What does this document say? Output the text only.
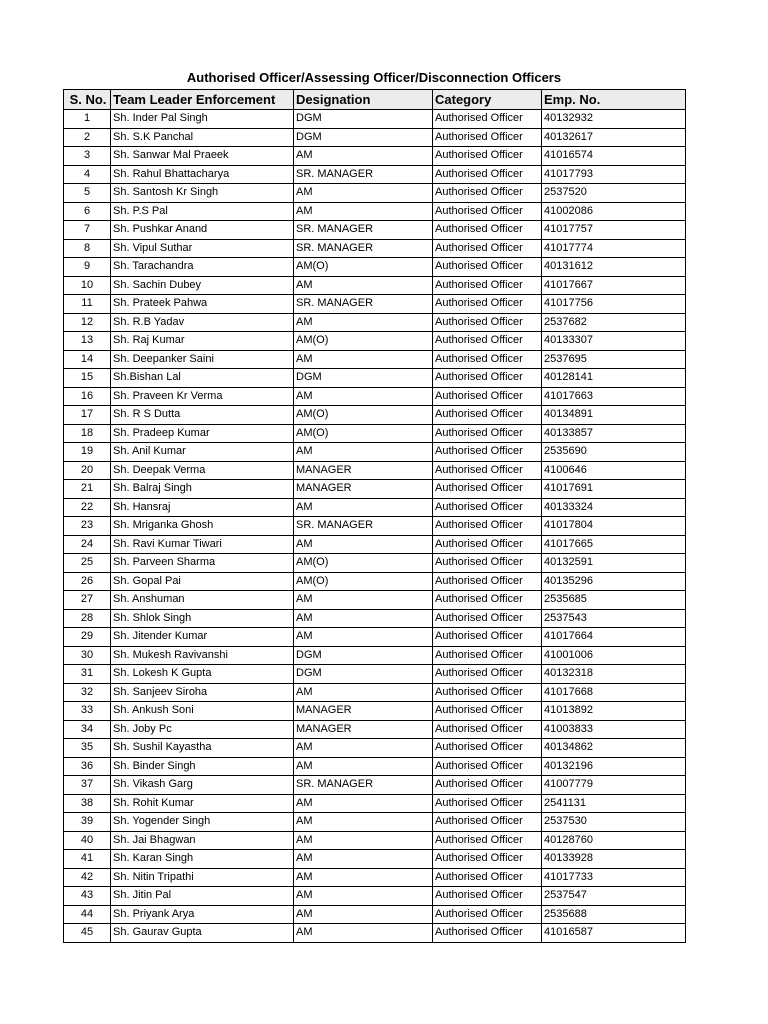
Authorised Officer/Assessing Officer/Disconnection Officers
S. No.	Team Leader Enforcement	Designation	Category	Emp. No.
1	Sh. Inder Pal Singh	DGM	Authorised Officer	40132932
2	Sh. S.K Panchal	DGM	Authorised Officer	40132617
3	Sh. Sanwar Mal Praeek	AM	Authorised Officer	41016574
4	Sh. Rahul Bhattacharya	SR. MANAGER	Authorised Officer	41017793
5	Sh. Santosh Kr Singh	AM	Authorised Officer	2537520
6	Sh. P.S Pal	AM	Authorised Officer	41002086
7	Sh. Pushkar Anand	SR. MANAGER	Authorised Officer	41017757
8	Sh. Vipul Suthar	SR. MANAGER	Authorised Officer	41017774
9	Sh. Tarachandra	AM(O)	Authorised Officer	40131612
10	Sh. Sachin Dubey	AM	Authorised Officer	41017667
11	Sh. Prateek Pahwa	SR. MANAGER	Authorised Officer	41017756
12	Sh. R.B Yadav	AM	Authorised Officer	2537682
13	Sh. Raj Kumar	AM(O)	Authorised Officer	40133307
14	Sh. Deepanker Saini	AM	Authorised Officer	2537695
15	Sh.Bishan Lal	DGM	Authorised Officer	40128141
16	Sh. Praveen Kr Verma	AM	Authorised Officer	41017663
17	Sh. R S Dutta	AM(O)	Authorised Officer	40134891
18	Sh. Pradeep Kumar	AM(O)	Authorised Officer	40133857
19	Sh. Anil Kumar	AM	Authorised Officer	2535690
20	Sh. Deepak Verma	MANAGER	Authorised Officer	4100646
21	Sh. Balraj Singh	MANAGER	Authorised Officer	41017691
22	Sh. Hansraj	AM	Authorised Officer	40133324
23	Sh. Mriganka Ghosh	SR. MANAGER	Authorised Officer	41017804
24	Sh. Ravi Kumar Tiwari	AM	Authorised Officer	41017665
25	Sh. Parveen Sharma	AM(O)	Authorised Officer	40132591
26	Sh. Gopal Pai	AM(O)	Authorised Officer	40135296
27	Sh. Anshuman	AM	Authorised Officer	2535685
28	Sh. Shlok Singh	AM	Authorised Officer	2537543
29	Sh. Jitender Kumar	AM	Authorised Officer	41017664
30	Sh. Mukesh Ravivanshi	DGM	Authorised Officer	41001006
31	Sh. Lokesh K Gupta	DGM	Authorised Officer	40132318
32	Sh. Sanjeev Siroha	AM	Authorised Officer	41017668
33	Sh. Ankush Soni	MANAGER	Authorised Officer	41013892
34	Sh. Joby Pc	MANAGER	Authorised Officer	41003833
35	Sh. Sushil Kayastha	AM	Authorised Officer	40134862
36	Sh. Binder Singh	AM	Authorised Officer	40132196
37	Sh. Vikash Garg	SR. MANAGER	Authorised Officer	41007779
38	Sh. Rohit Kumar	AM	Authorised Officer	2541131
39	Sh. Yogender Singh	AM	Authorised Officer	2537530
40	Sh. Jai Bhagwan	AM	Authorised Officer	40128760
41	Sh. Karan Singh	AM	Authorised Officer	40133928
42	Sh. Nitin Tripathi	AM	Authorised Officer	41017733
43	Sh. Jitin Pal	AM	Authorised Officer	2537547
44	Sh. Priyank Arya	AM	Authorised Officer	2535688
45	Sh. Gaurav Gupta	AM	Authorised Officer	41016587
